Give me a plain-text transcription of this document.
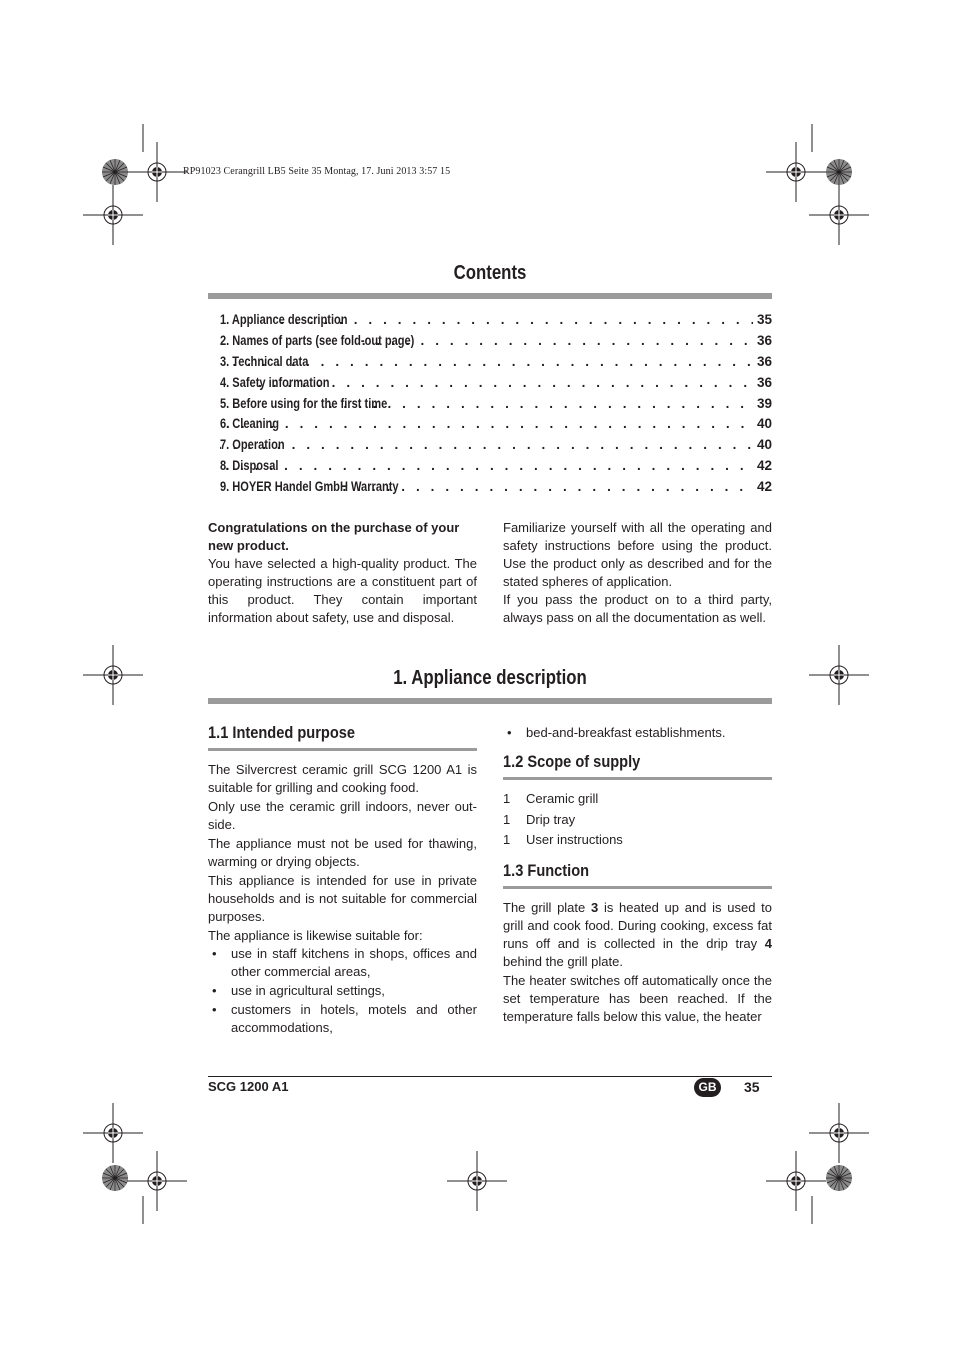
RP91023 Cerangrill LB5 Seite 35 Montag, 17. Juni 2013 3:57 15
Contents
1. Appliance description . . .	35
2. Names of parts (see fold-out page) . . .	36
3. Technical data . . .	36
4. Safety information . . .	36
5. Before using for the first time . . .	39
6. Cleaning . . .	40
7. Operation . . .	40
8. Disposal . . .	42
9. HOYER Handel GmbH Warranty . . .	42

Congratulations on the purchase of your new product.

You have selected a high-quality product. The operating instructions are a constituent part of this product. They contain important information about safety, use and disposal.

Familiarize yourself with all the operating and safety instructions before using the product. Use the product only as described and for the stated spheres of application.

If you pass the product on to a third party, always pass on all the documentation as well.

1. Appliance description
1.1 Intended purpose

The Silvercrest ceramic grill SCG 1200 A1 is suitable for grilling and cooking food.

Only use the ceramic grill indoors, never out-side.

The appliance must not be used for thawing, warming or drying objects.

This appliance is intended for use in private households and is not suitable for commercial purposes.

The appliance is likewise suitable for:

• use in staff kitchens in shops, offices and other commercial areas,
• use in agricultural settings,
• customers in hotels, motels and other accommodations,
• bed-and-breakfast establishments.
1.2 Scope of supply
1	Ceramic grill
1	Drip tray
1	User instructions
1.3 Function

The grill plate 3 is heated up and is used to grill and cook food. During cooking, excess fat runs off and is collected in the drip tray 4 behind the grill plate.

The heater switches off automatically once the set temperature has been reached. If the temperature falls below this value, the heater

SCG 1200 A1	GB	35
